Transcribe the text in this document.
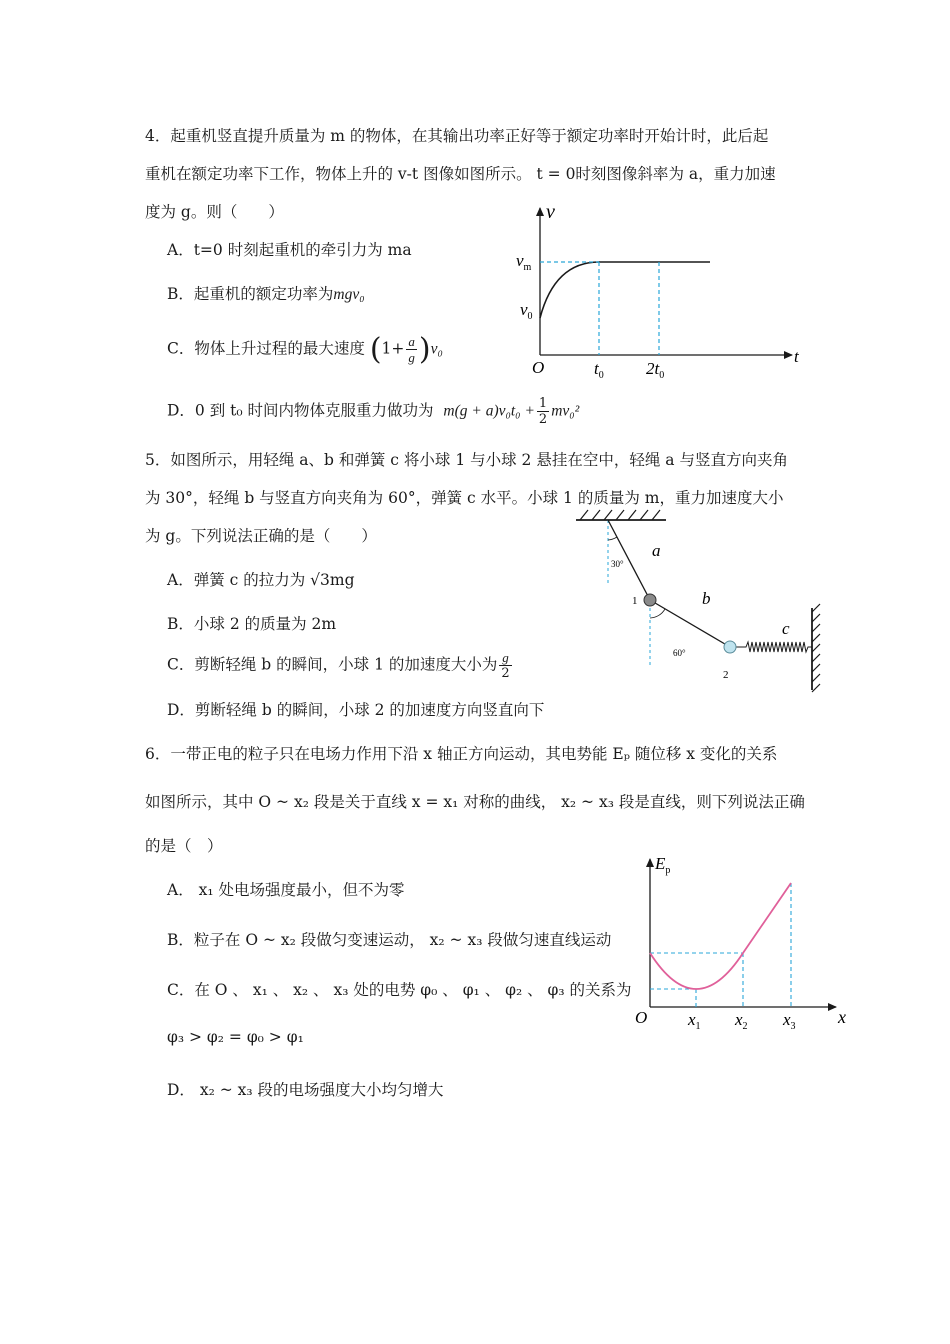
4．起重机竖直提升质量为 m 的物体，在其输出功率正好等于额定功率时开始计时，此后起
重机在额定功率下工作，物体上升的 v-t 图像如图所示。 t = 0时刻图像斜率为 a，重力加速
度为 g。则（　　）
A．t=0 时刻起重机的牵引力为 ma
B．起重机的额定功率为mgv₀
C．物体上升过程的最大速度 $(1+ \frac{a}{g} )v_0$
D．0 到 t₀ 时间内物体克服重力做功为 $m(g + a)v_0t_0 + \frac{1}{2} mv_0^2$
v
t
O
$v_m$
$v_0$
$t_0$ $2t_0$
5．如图所示，用轻绳 a、b 和弹簧 c 将小球 1 与小球 2 悬挂在空中，轻绳 a 与竖直方向夹角
为 30°，轻绳 b 与竖直方向夹角为 60°，弹簧 c 水平。小球 1 的质量为 m，重力加速度大小
为 g。下列说法正确的是（　　）
A．弹簧 c 的拉力为 √3mg
B．小球 2 的质量为 2m
C．剪断轻绳 b 的瞬间，小球 1 的加速度大小为 $\frac{g}{2}$
D．剪断轻绳 b 的瞬间，小球 2 的加速度方向竖直向下
a
b
c
1
2
30°
60°
6．一带正电的粒子只在电场力作用下沿 x 轴正方向运动，其电势能 Eₚ 随位移 x 变化的关系
如图所示，其中 O ~ x₂ 段是关于直线 x = x₁ 对称的曲线， x₂ ~ x₃ 段是直线，则下列说法正确
的是（　）
A． x₁ 处电场强度最小，但不为零
B．粒子在 O ~ x₂ 段做匀变速运动， x₂ ~ x₃ 段做匀速直线运动
C．在 O 、 x₁ 、 x₂ 、 x₃ 处的电势 φ₀ 、 φ₁ 、 φ₂ 、 φ₃ 的关系为
φ₃ > φ₂ = φ₀ > φ₁
D． x₂ ~ x₃ 段的电场强度大小均匀增大
$E_p$
x
O $x_1$ $x_2$ $x_3$
